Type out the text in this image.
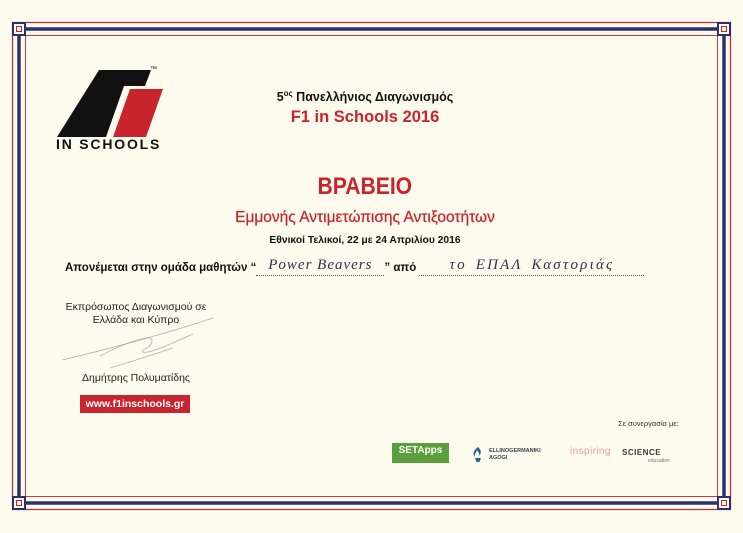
™
IN SCHOOLS
$5^{o\varsigma}$ Πανελλήνιος Διαγωνισμός
F1 in Schools 2016
ΒΡΑΒΕΙΟ
Εμμονής Αντιμετώπισης Αντιξοοτήτων
Εθνικοί Τελικοί, 22 με 24 Απριλίου 2016
Απονέμεται στην ομάδα μαθητών “ Power Beavers ” από το ΕΠΑΛ Καστοριάς
Εκπρόσωπος Διαγωνισμού σε
Ελλάδα και Κύπρο
Δημήτρης Πολυματίδης
www.f1inschools.gr
Σε συνεργασία με:
SETApps	ELLINOGERMANIKI
AGOGI
inspiring SCIENCE
education
